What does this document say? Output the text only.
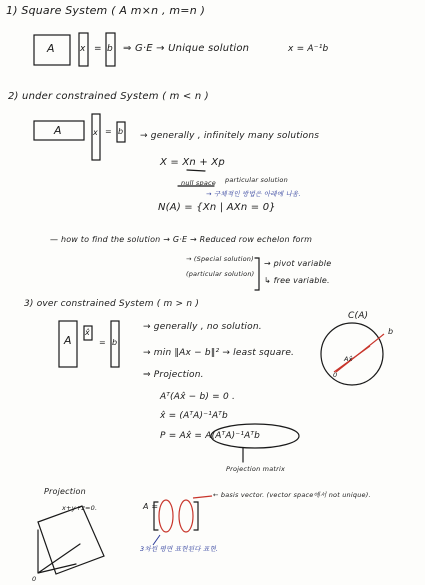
1) Square System ( A m×n , m=n )
A	x = b ⇒ G·E → Unique solution	x = A⁻¹b
2) under constrained System ( m < n )
A	x = b → generally , infinitely many solutions
X = Xn + Xp
particular solution
null space
→ 구체적인 방법은 아래에 나옴.
N(A) = {Xn | AXn = 0}
— how to find the solution → G·E → Reduced row echelon form
→ (Special solution)
(particular solution)
→ pivot variable
↳ free variable.
3) over constrained System ( m > n )
A
x̂
= b
→ generally , no solution.
→ min ‖Ax − b‖² → least square.
⇒ Projection.
Aᵀ(Ax̂ − b) = 0 .
x̂ = (AᵀA)⁻¹Aᵀb
P = Ax̂ = A(AᵀA)⁻¹Aᵀb
Projection matrix
C(A)
Ax̂
b
0
Projection
x+y+z=0.
0
A =
← basis vector. (vector space에서 not unique).
3차원 평면 표현된다 표현.
